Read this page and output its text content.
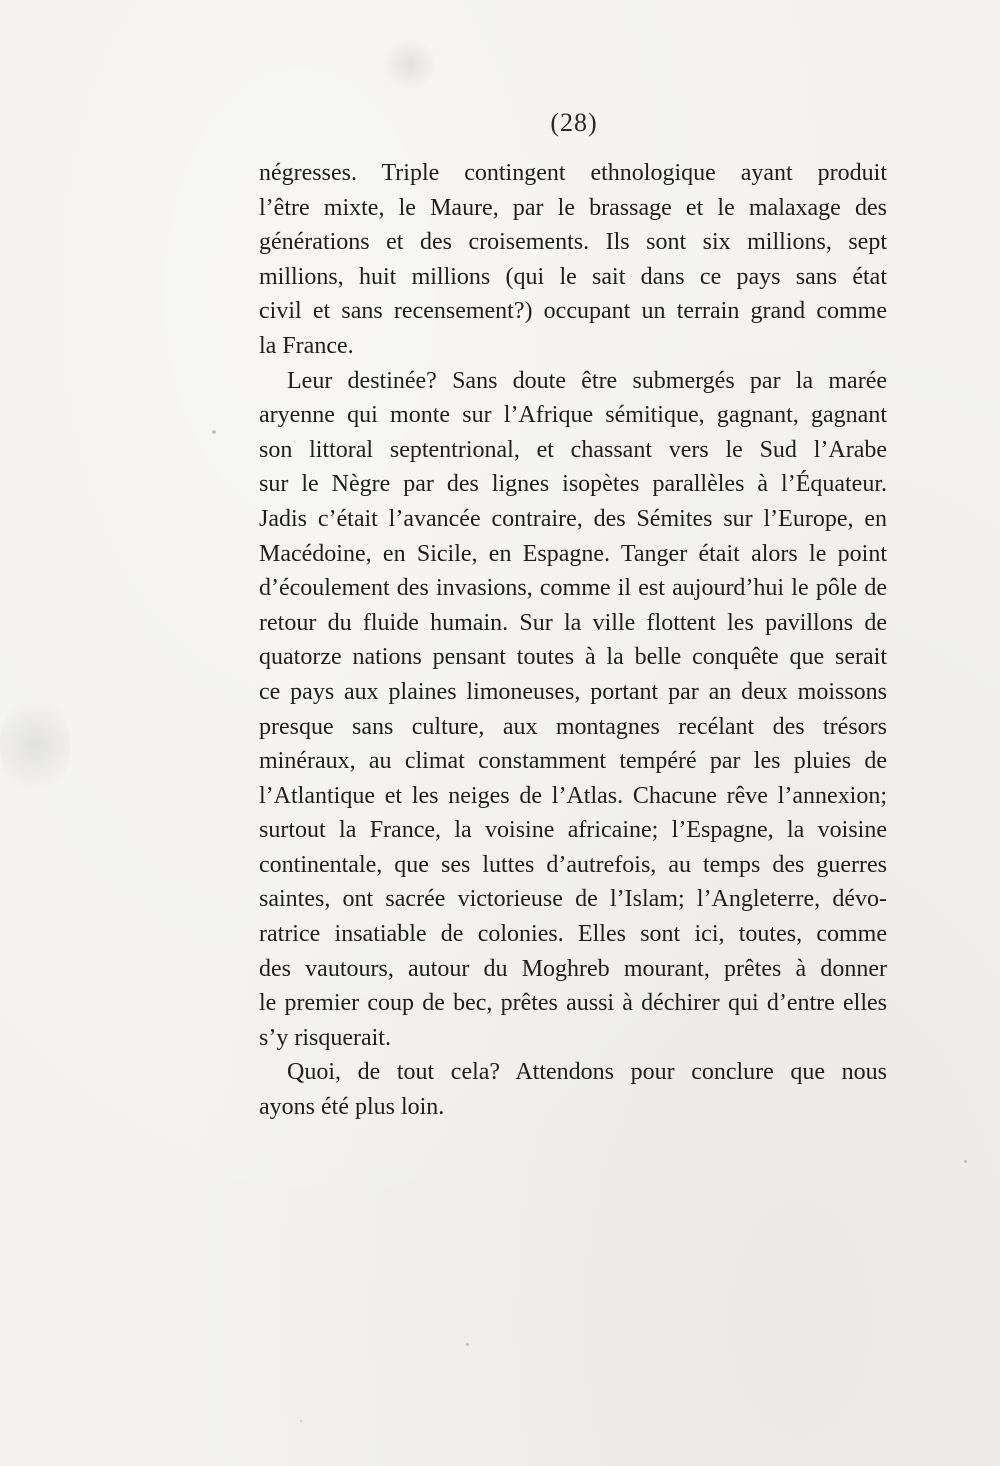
(28)
négresses. Triple contingent ethnologique ayant produit
l’être mixte, le Maure, par le brassage et le malaxage des
générations et des croisements. Ils sont six millions, sept
millions, huit millions (qui le sait dans ce pays sans état
civil et sans recensement?) occupant un terrain grand comme
la France.
Leur destinée? Sans doute être submergés par la marée
aryenne qui monte sur l’Afrique sémitique, gagnant, gagnant
son littoral septentrional, et chassant vers le Sud l’Arabe
sur le Nègre par des lignes isopètes parallèles à l’Équateur.
Jadis c’était l’avancée contraire, des Sémites sur l’Europe, en
Macédoine, en Sicile, en Espagne. Tanger était alors le point
d’écoulement des invasions, comme il est aujourd’hui le pôle de
retour du fluide humain. Sur la ville flottent les pavillons de
quatorze nations pensant toutes à la belle conquête que serait
ce pays aux plaines limoneuses, portant par an deux moissons
presque sans culture, aux montagnes recélant des trésors
minéraux, au climat constamment tempéré par les pluies de
l’Atlantique et les neiges de l’Atlas. Chacune rêve l’annexion;
surtout la France, la voisine africaine; l’Espagne, la voisine
continentale, que ses luttes d’autrefois, au temps des guerres
saintes, ont sacrée victorieuse de l’Islam; l’Angleterre, dévo-
ratrice insatiable de colonies. Elles sont ici, toutes, comme
des vautours, autour du Moghreb mourant, prêtes à donner
le premier coup de bec, prêtes aussi à déchirer qui d’entre elles
s’y risquerait.
Quoi, de tout cela? Attendons pour conclure que nous
ayons été plus loin.
